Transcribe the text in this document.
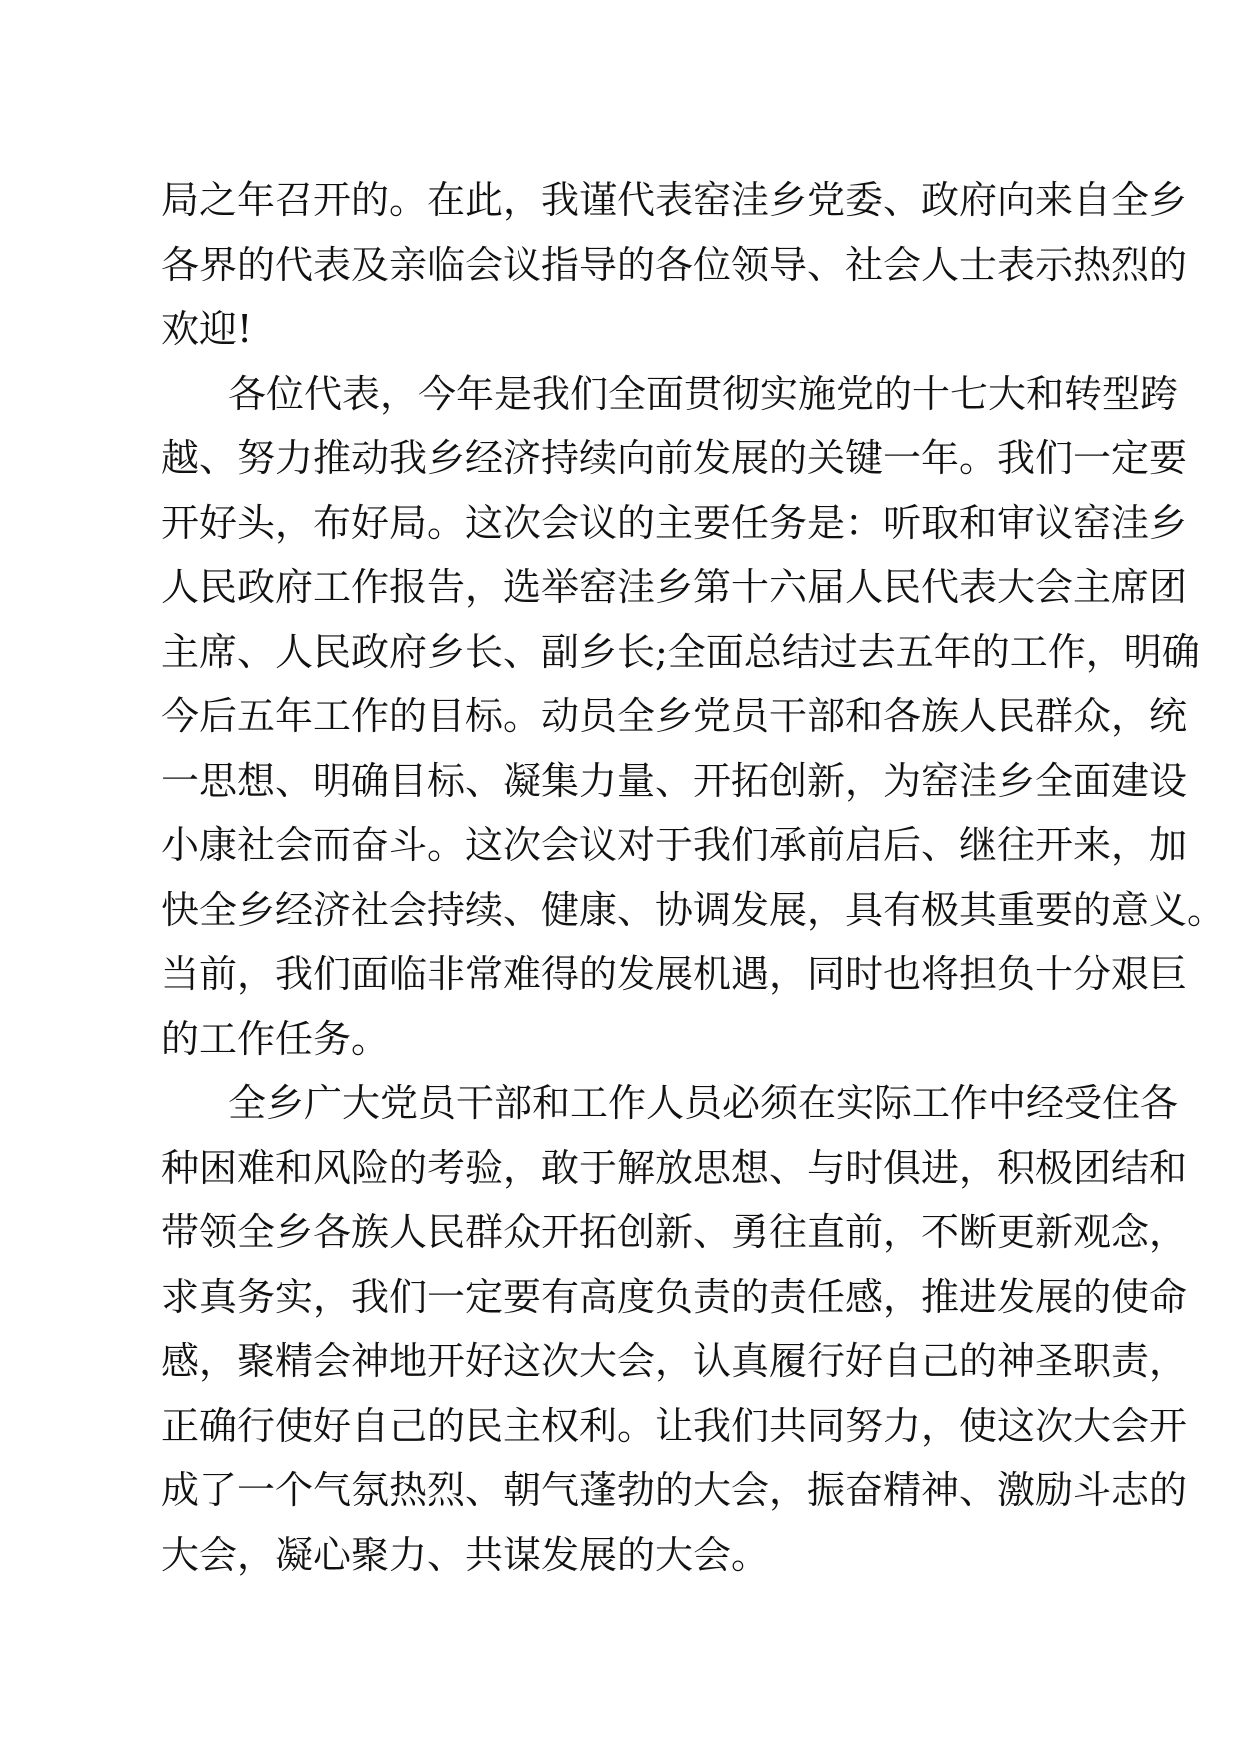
局之年召开的。在此，我谨代表窑洼乡党委、政府向来自全乡
各界的代表及亲临会议指导的各位领导、社会人士表示热烈的
欢迎!
各位代表，今年是我们全面贯彻实施党的十七大和转型跨
越、努力推动我乡经济持续向前发展的关键一年。我们一定要
开好头，布好局。这次会议的主要任务是：听取和审议窑洼乡
人民政府工作报告，选举窑洼乡第十六届人民代表大会主席团
主席、人民政府乡长、副乡长;全面总结过去五年的工作，明确
今后五年工作的目标。动员全乡党员干部和各族人民群众，统
一思想、明确目标、凝集力量、开拓创新，为窑洼乡全面建设
小康社会而奋斗。这次会议对于我们承前启后、继往开来，加
快全乡经济社会持续、健康、协调发展，具有极其重要的意义。
当前，我们面临非常难得的发展机遇，同时也将担负十分艰巨
的工作任务。
全乡广大党员干部和工作人员必须在实际工作中经受住各
种困难和风险的考验，敢于解放思想、与时俱进，积极团结和
带领全乡各族人民群众开拓创新、勇往直前，不断更新观念，
求真务实，我们一定要有高度负责的责任感，推进发展的使命
感，聚精会神地开好这次大会，认真履行好自己的神圣职责，
正确行使好自己的民主权利。让我们共同努力，使这次大会开
成了一个气氛热烈、朝气蓬勃的大会，振奋精神、激励斗志的
大会，凝心聚力、共谋发展的大会。
